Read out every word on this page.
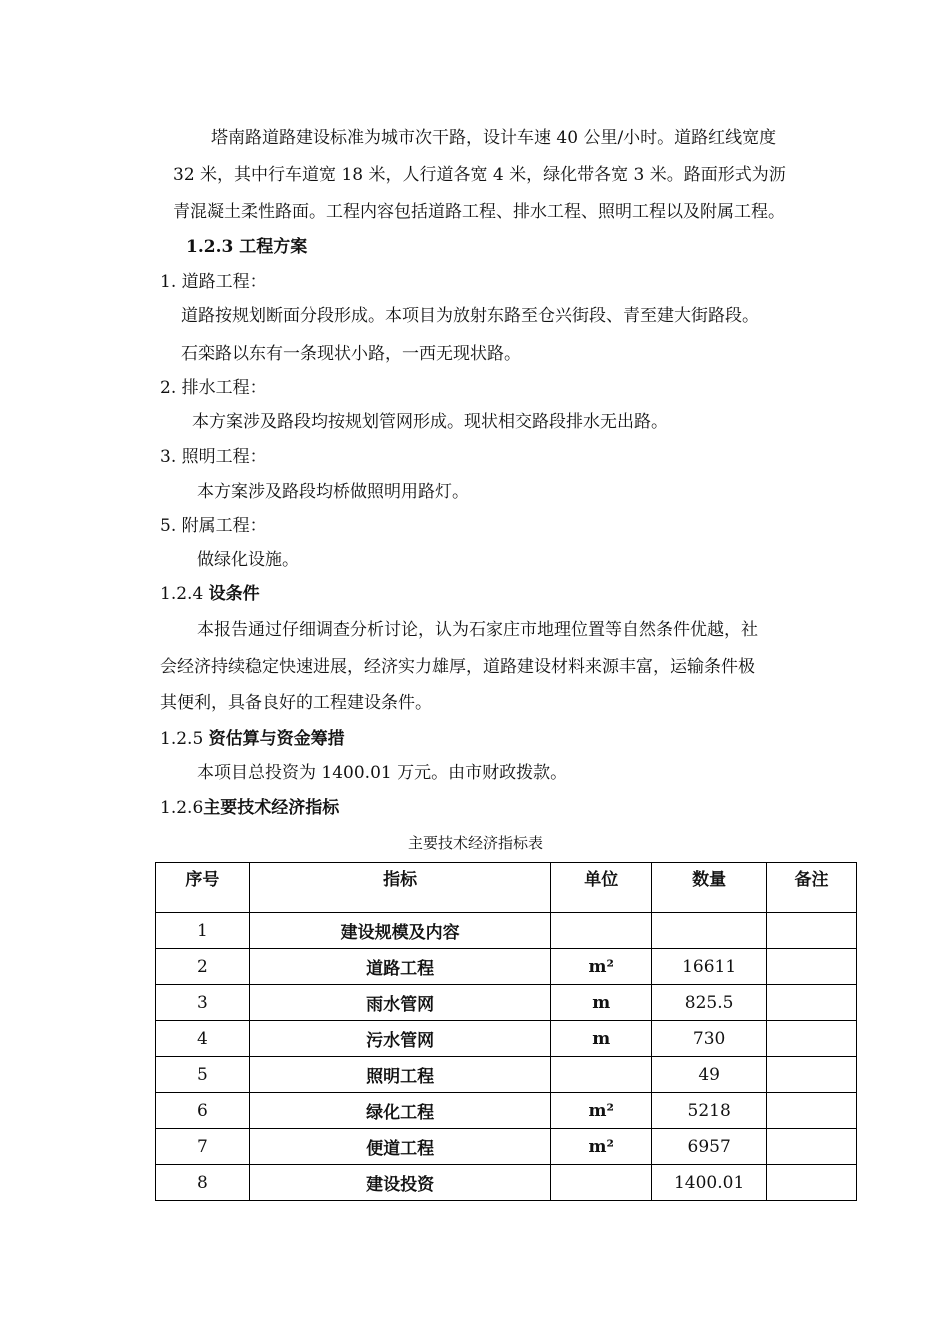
塔南路道路建设标准为城市次干路，设计车速 40 公里/小时。道路红线宽度
32 米，其中行车道宽 18 米，人行道各宽 4 米，绿化带各宽 3 米。路面形式为沥
青混凝土柔性路面。工程内容包括道路工程、排水工程、照明工程以及附属工程。
1.2.3 工程方案
1. 道路工程：
道路按规划断面分段形成。本项目为放射东路至仓兴街段、青至建大街路段。
石栾路以东有一条现状小路，一西无现状路。
2. 排水工程：
本方案涉及路段均按规划管网形成。现状相交路段排水无出路。
3. 照明工程：
本方案涉及路段均桥做照明用路灯。
5. 附属工程：
做绿化设施。
1.2.4 设条件
本报告通过仔细调查分析讨论，认为石家庄市地理位置等自然条件优越，社
会经济持续稳定快速进展，经济实力雄厚，道路建设材料来源丰富，运输条件极
其便利，具备良好的工程建设条件。
1.2.5 资估算与资金筹措
本项目总投资为 1400.01 万元。由市财政拨款。
1.2.6主要技术经济指标
主要技术经济指标表
序号	指标	单位	数量	备注
1	建设规模及内容			
2	道路工程	m²	16611	
3	雨水管网	m	825.5	
4	污水管网	m	730	
5	照明工程		49	
6	绿化工程	m²	5218	
7	便道工程	m²	6957	
8	建设投资		1400.01	
